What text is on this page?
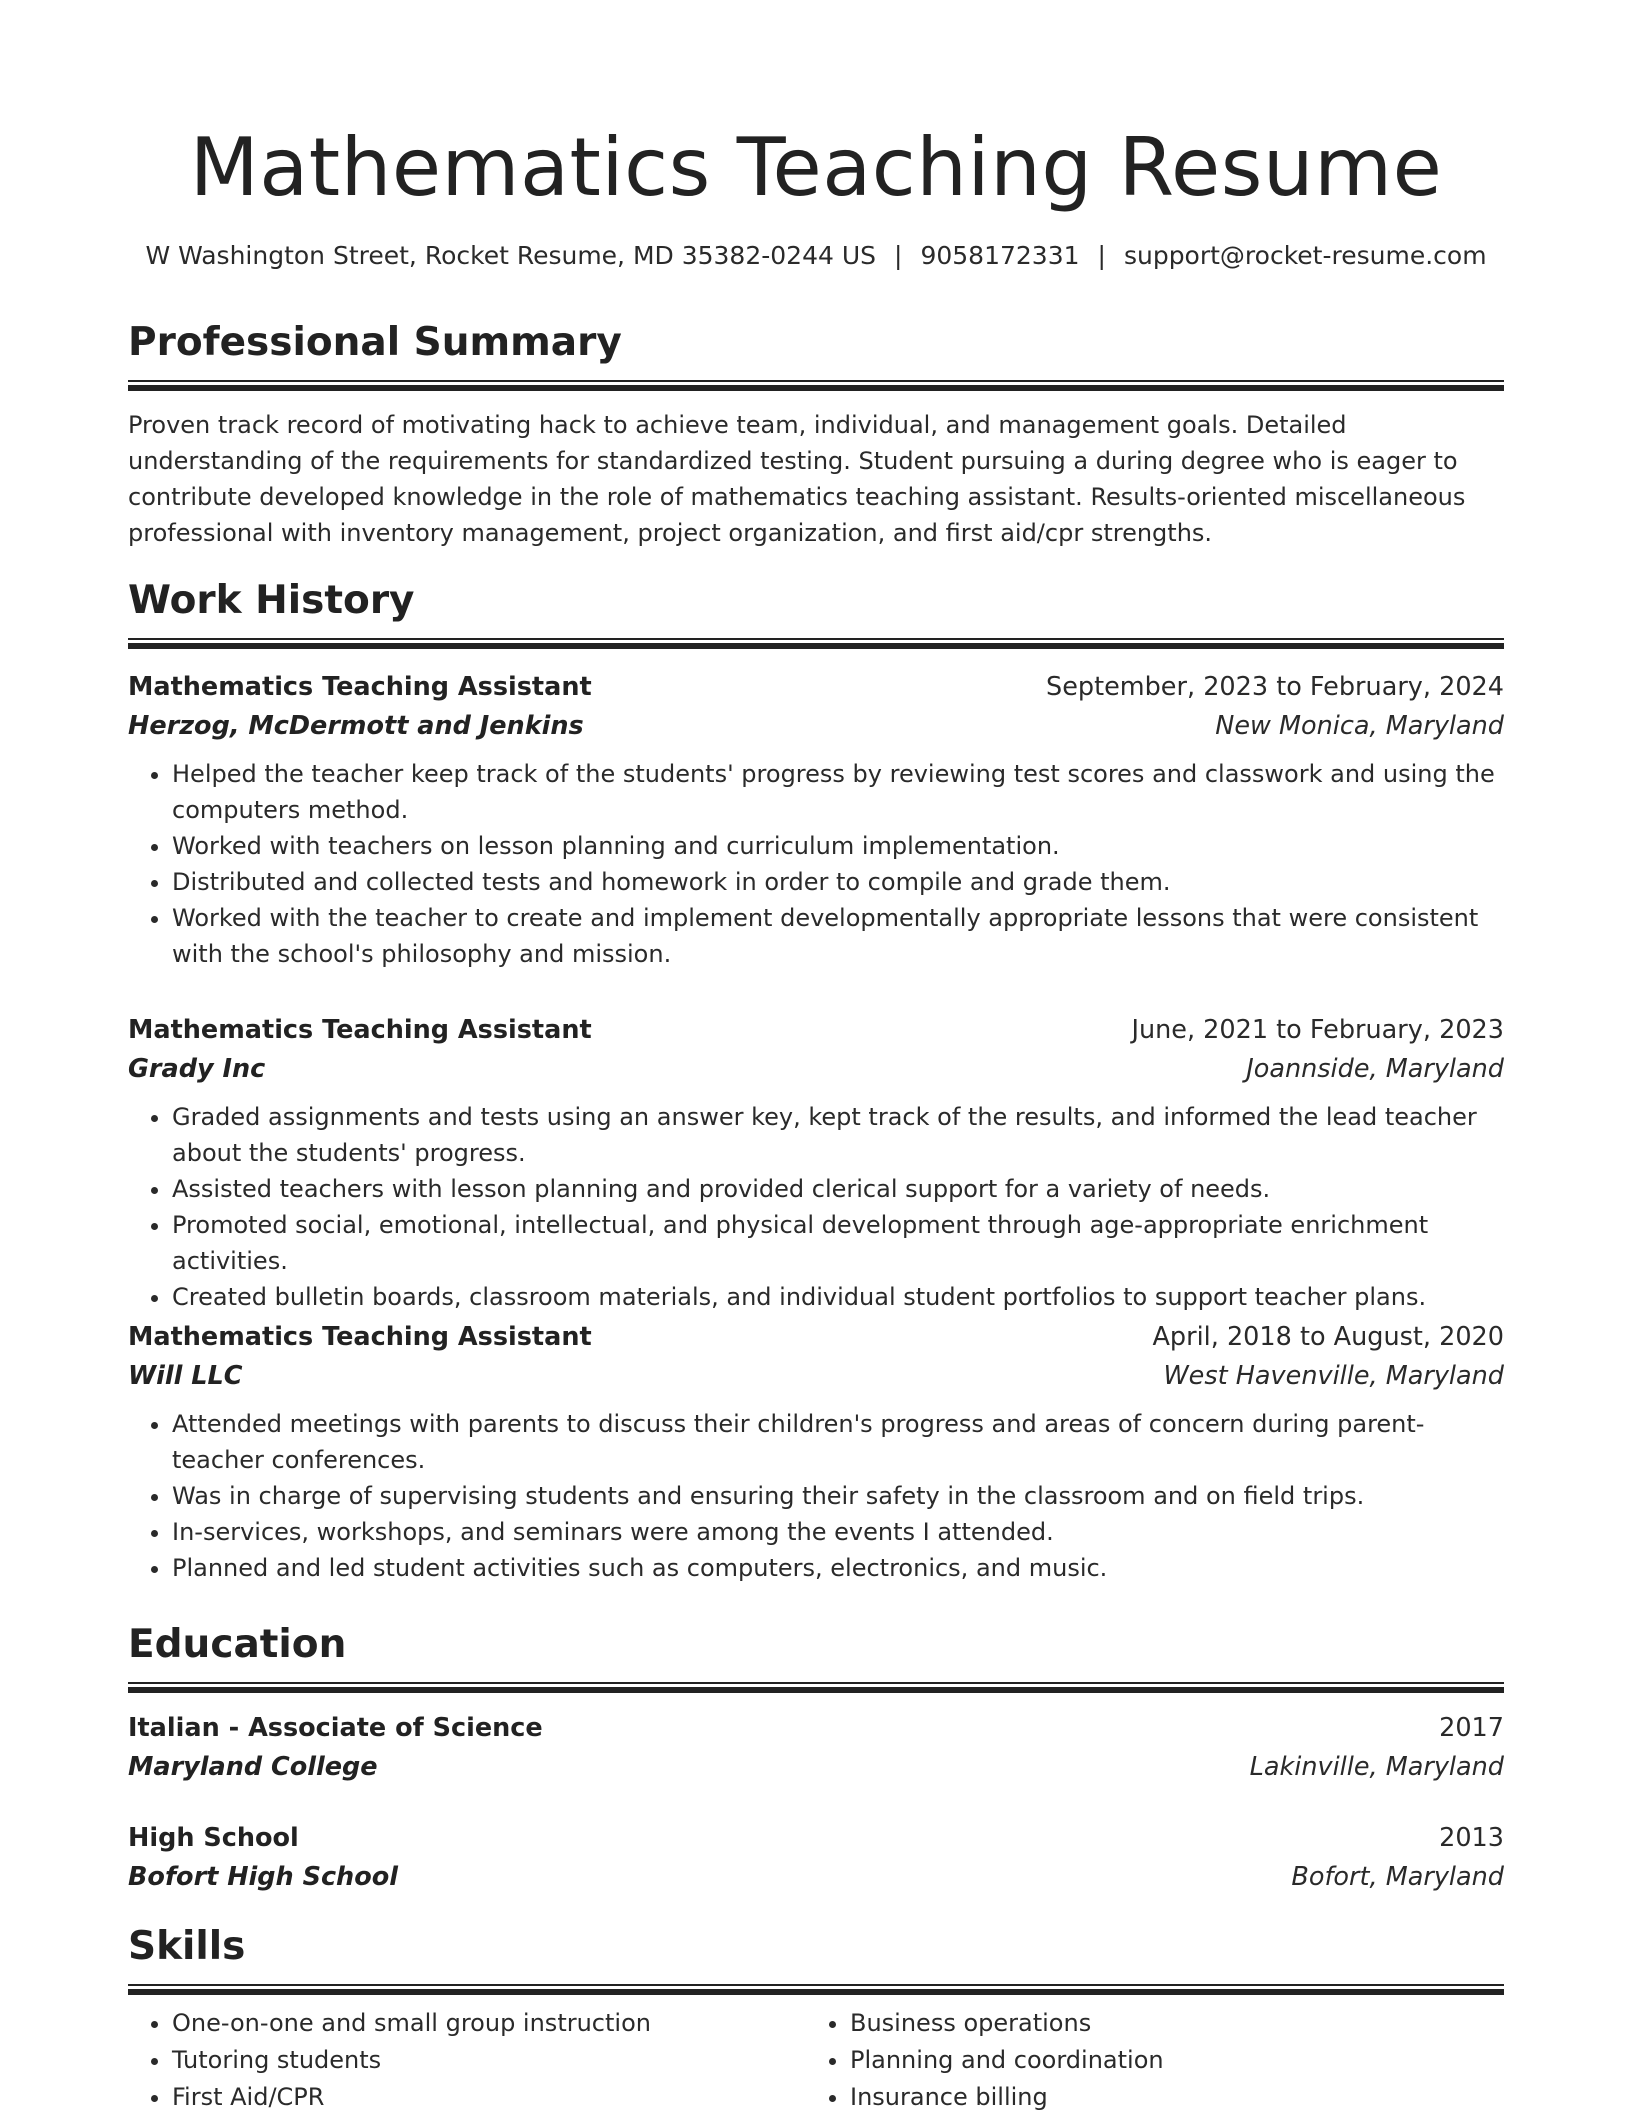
Mathematics Teaching Resume
W Washington Street, Rocket Resume, MD 35382-0244 US | 9058172331 | support@rocket-resume.com
Professional Summary
Proven track record of motivating hack to achieve team, individual, and management goals. Detailed understanding of the requirements for standardized testing. Student pursuing a during degree who is eager to contribute developed knowledge in the role of mathematics teaching assistant. Results-oriented miscellaneous professional with inventory management, project organization, and first aid/cpr strengths.
Work History
Mathematics Teaching Assistant	September, 2023 to February, 2024
Herzog, McDermott and Jenkins	New Monica, Maryland
• Helped the teacher keep track of the students' progress by reviewing test scores and classwork and using the computers method.
• Worked with teachers on lesson planning and curriculum implementation.
• Distributed and collected tests and homework in order to compile and grade them.
• Worked with the teacher to create and implement developmentally appropriate lessons that were consistent with the school's philosophy and mission.
Mathematics Teaching Assistant	June, 2021 to February, 2023
Grady Inc	Joannside, Maryland
• Graded assignments and tests using an answer key, kept track of the results, and informed the lead teacher about the students' progress.
• Assisted teachers with lesson planning and provided clerical support for a variety of needs.
• Promoted social, emotional, intellectual, and physical development through age-appropriate enrichment activities.
• Created bulletin boards, classroom materials, and individual student portfolios to support teacher plans.
Mathematics Teaching Assistant	April, 2018 to August, 2020
Will LLC	West Havenville, Maryland
• Attended meetings with parents to discuss their children's progress and areas of concern during parent-teacher conferences.
• Was in charge of supervising students and ensuring their safety in the classroom and on field trips.
• In-services, workshops, and seminars were among the events I attended.
• Planned and led student activities such as computers, electronics, and music.
Education
Italian - Associate of Science	2017
Maryland College	Lakinville, Maryland
High School	2013
Bofort High School	Bofort, Maryland
Skills
• One-on-one and small group instruction
• Tutoring students
• First Aid/CPR
• Business operations
• Planning and coordination
• Insurance billing
